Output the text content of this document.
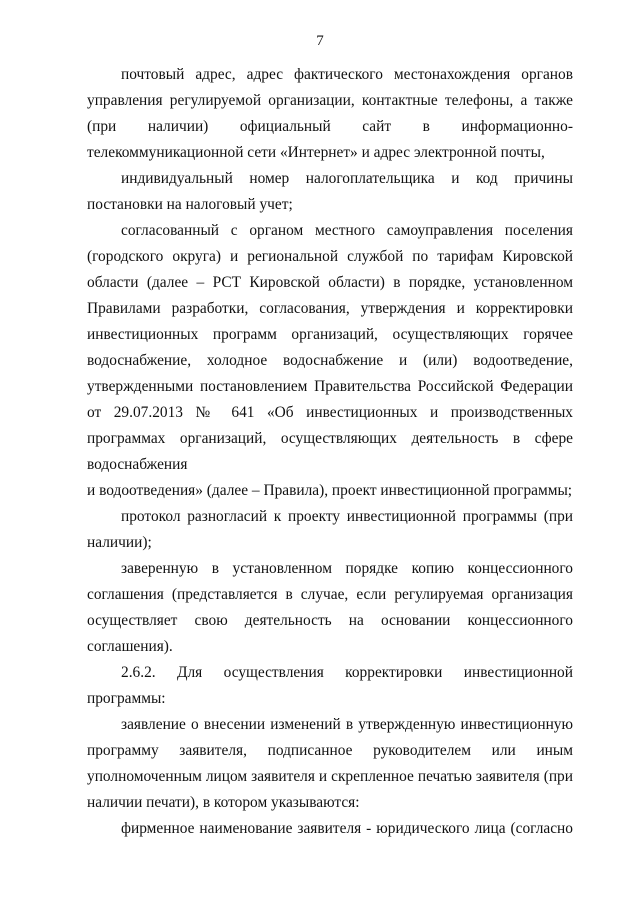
7
почтовый адрес, адрес фактического местонахождения органов
управления регулируемой организации, контактные телефоны, а также
(при наличии) официальный сайт в информационно-
телекоммуникационной сети «Интернет» и адрес электронной почты,
индивидуальный номер налогоплательщика и код причины
постановки на налоговый учет;
согласованный с органом местного самоуправления поселения
(городского округа) и региональной службой по тарифам Кировской
области (далее – РСТ Кировской области) в порядке, установленном
Правилами разработки, согласования, утверждения и корректировки
инвестиционных программ организаций, осуществляющих горячее
водоснабжение, холодное водоснабжение и (или) водоотведение,
утвержденными постановлением Правительства Российской Федерации
от 29.07.2013 № 641 «Об инвестиционных и производственных
программах организаций, осуществляющих деятельность в сфере
водоснабжения
и водоотведения» (далее – Правила), проект инвестиционной программы;
протокол разногласий к проекту инвестиционной программы (при
наличии);
заверенную в установленном порядке копию концессионного
соглашения (представляется в случае, если регулируемая организация
осуществляет свою деятельность на основании концессионного
соглашения).
2.6.2. Для осуществления корректировки инвестиционной
программы:
заявление о внесении изменений в утвержденную инвестиционную
программу заявителя, подписанное руководителем или иным
уполномоченным лицом заявителя и скрепленное печатью заявителя (при
наличии печати), в котором указываются:
фирменное наименование заявителя - юридического лица (согласно
